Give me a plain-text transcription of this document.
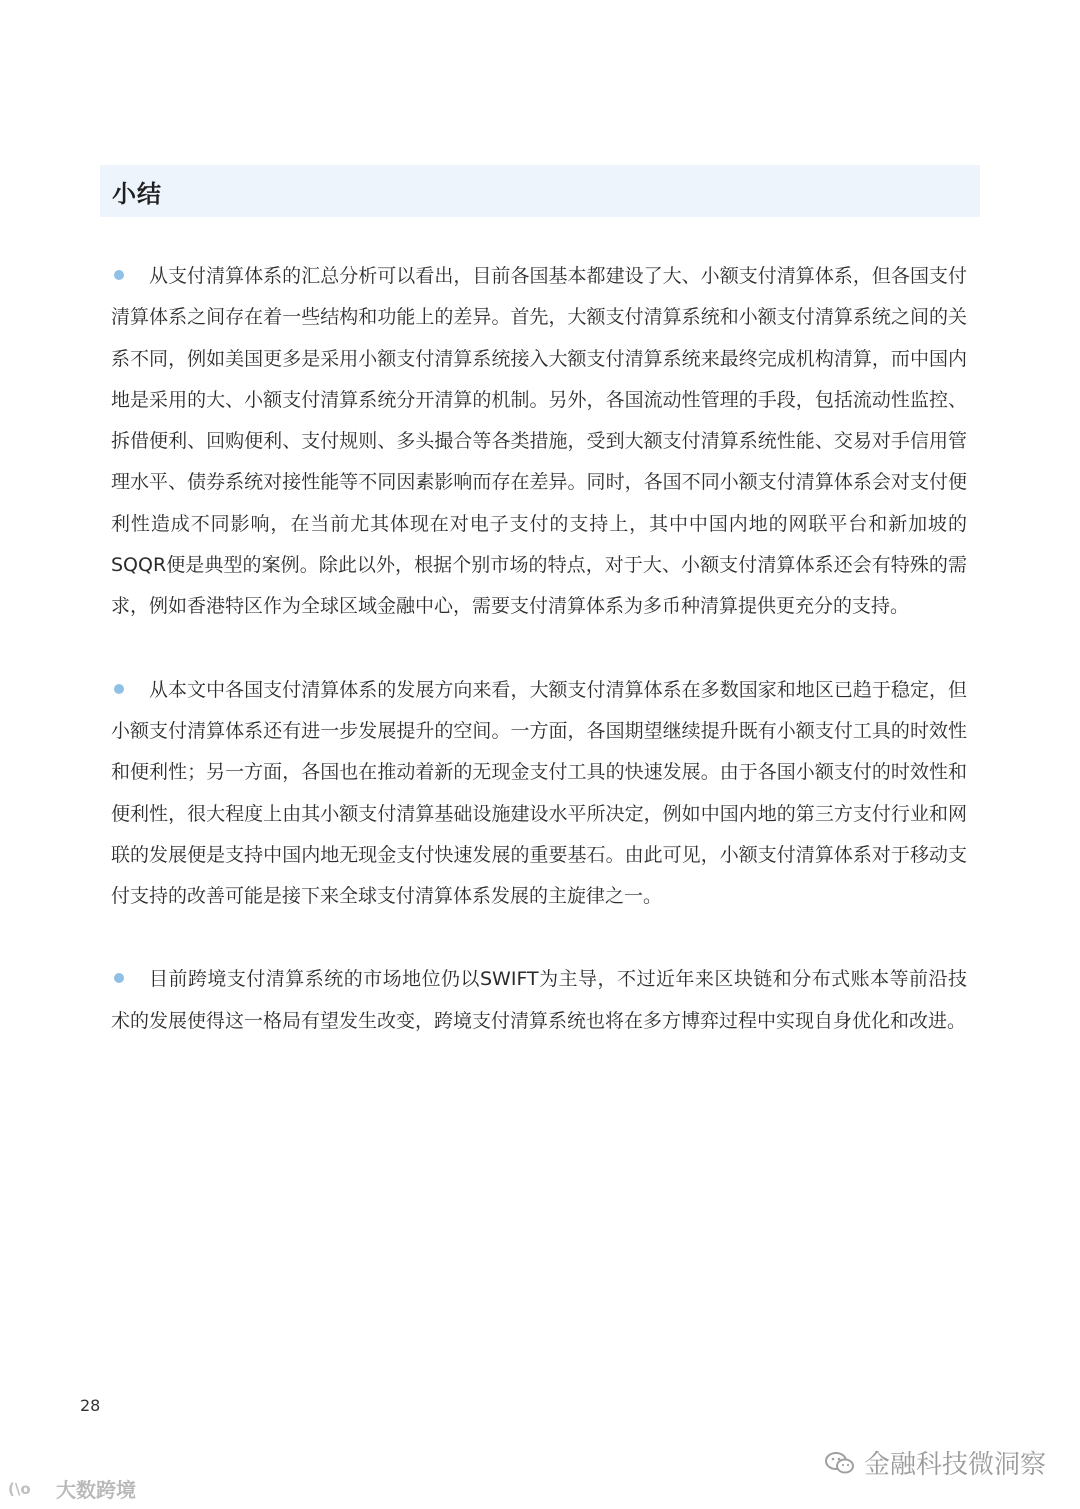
小结

从支付清算体系的汇总分析可以看出，目前各国基本都建设了大、小额支付清算体系，但各国支付清算体系之间存在着一些结构和功能上的差异。首先，大额支付清算系统和小额支付清算系统之间的关系不同，例如美国更多是采用小额支付清算系统接入大额支付清算系统来最终完成机构清算，而中国内地是采用的大、小额支付清算系统分开清算的机制。另外，各国流动性管理的手段，包括流动性监控、拆借便利、回购便利、支付规则、多头撮合等各类措施，受到大额支付清算系统性能、交易对手信用管理水平、债券系统对接性能等不同因素影响而存在差异。同时，各国不同小额支付清算体系会对支付便利性造成不同影响，在当前尤其体现在对电子支付的支持上，其中中国内地的网联平台和新加坡的SQQR便是典型的案例。除此以外，根据个别市场的特点，对于大、小额支付清算体系还会有特殊的需求，例如香港特区作为全球区域金融中心，需要支付清算体系为多币种清算提供更充分的支持。

从本文中各国支付清算体系的发展方向来看，大额支付清算体系在多数国家和地区已趋于稳定，但小额支付清算体系还有进一步发展提升的空间。一方面，各国期望继续提升既有小额支付工具的时效性和便利性；另一方面，各国也在推动着新的无现金支付工具的快速发展。由于各国小额支付的时效性和便利性，很大程度上由其小额支付清算基础设施建设水平所决定，例如中国内地的第三方支付行业和网联的发展便是支持中国内地无现金支付快速发展的重要基石。由此可见，小额支付清算体系对于移动支付支持的改善可能是接下来全球支付清算体系发展的主旋律之一。

目前跨境支付清算系统的市场地位仍以SWIFT为主导，不过近年来区块链和分布式账本等前沿技术的发展使得这一格局有望发生改变，跨境支付清算系统也将在多方博弈过程中实现自身优化和改进。

28
金融科技微洞察
(\o 大数跨境
